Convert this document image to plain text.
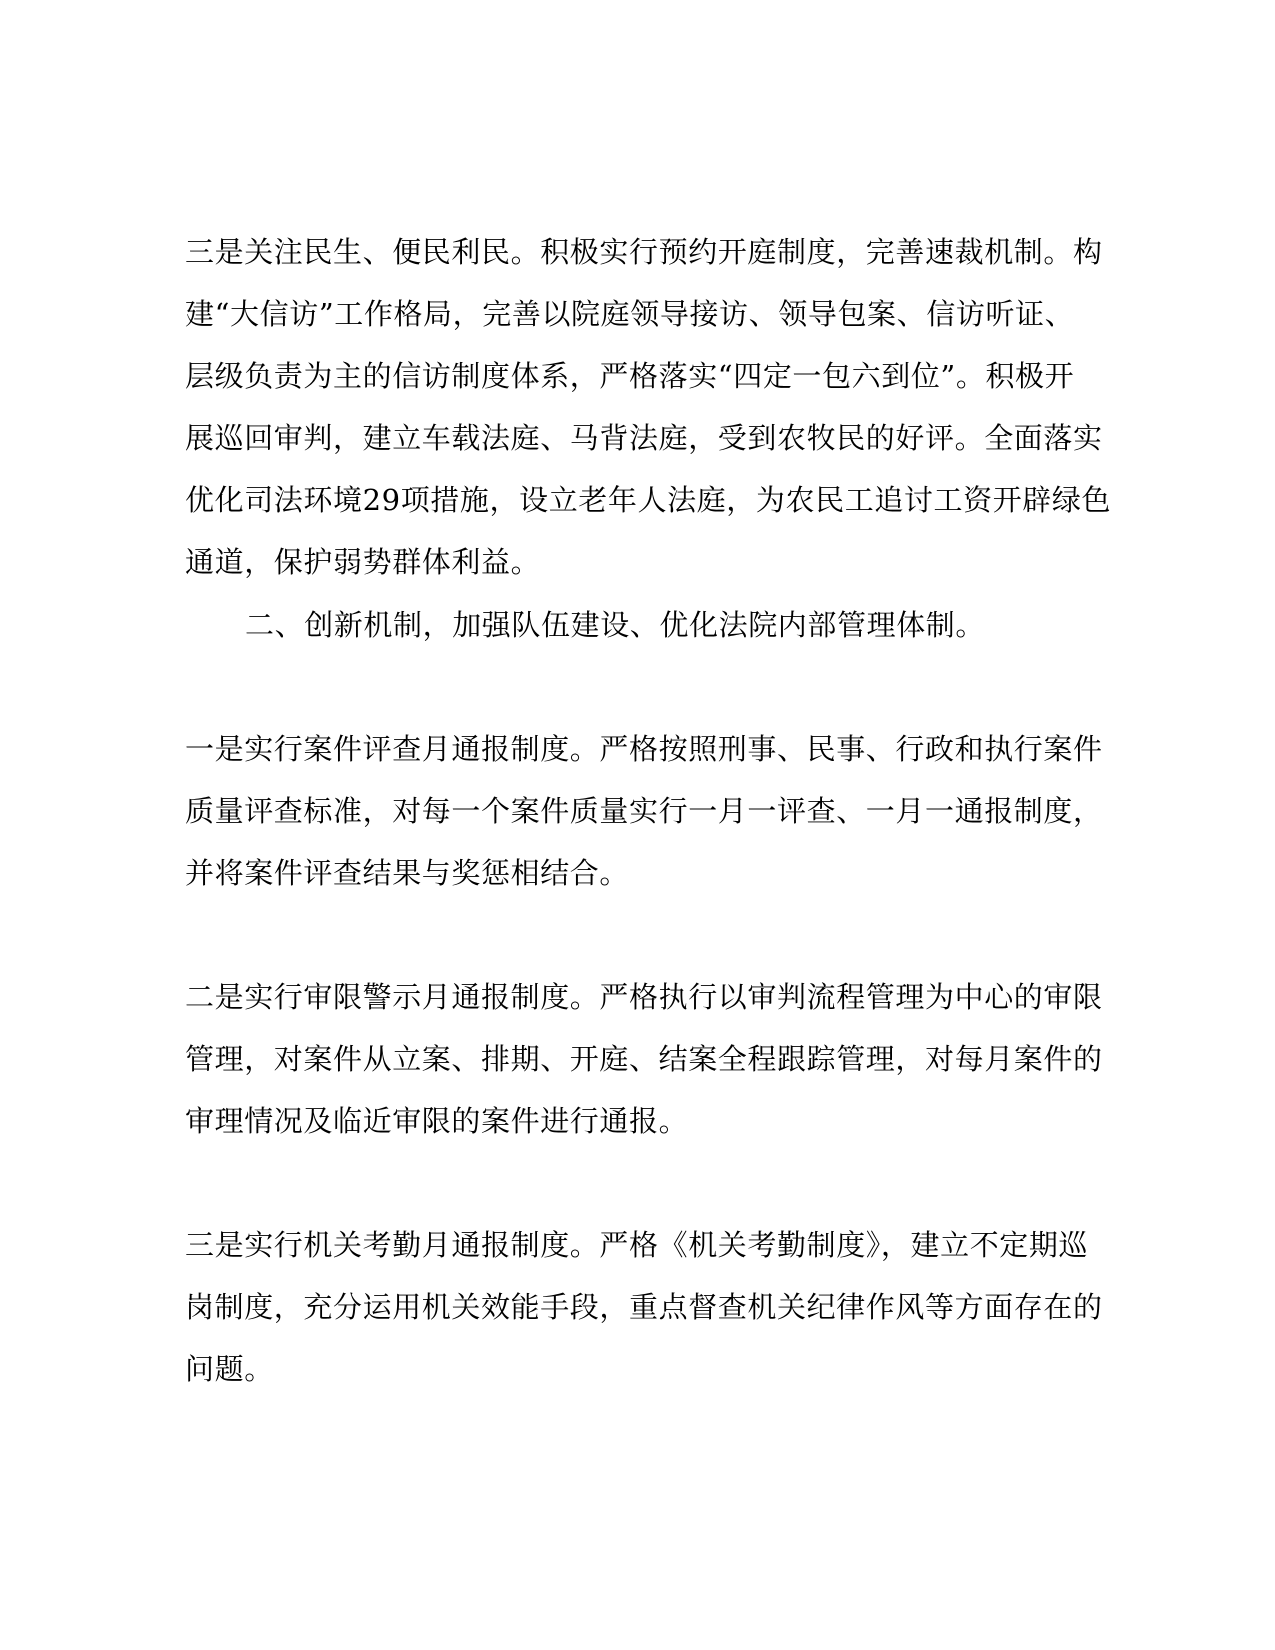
三是关注民生、便民利民。积极实行预约开庭制度，完善速裁机制。构
建“大信访”工作格局，完善以院庭领导接访、领导包案、信访听证、
层级负责为主的信访制度体系，严格落实“四定一包六到位”。积极开
展巡回审判，建立车载法庭、马背法庭，受到农牧民的好评。全面落实
优化司法环境29项措施，设立老年人法庭，为农民工追讨工资开辟绿色
通道，保护弱势群体利益。
二、创新机制，加强队伍建设、优化法院内部管理体制。
一是实行案件评查月通报制度。严格按照刑事、民事、行政和执行案件
质量评查标准，对每一个案件质量实行一月一评查、一月一通报制度，
并将案件评查结果与奖惩相结合。
二是实行审限警示月通报制度。严格执行以审判流程管理为中心的审限
管理，对案件从立案、排期、开庭、结案全程跟踪管理，对每月案件的
审理情况及临近审限的案件进行通报。
三是实行机关考勤月通报制度。严格《机关考勤制度》，建立不定期巡
岗制度，充分运用机关效能手段，重点督查机关纪律作风等方面存在的
问题。
